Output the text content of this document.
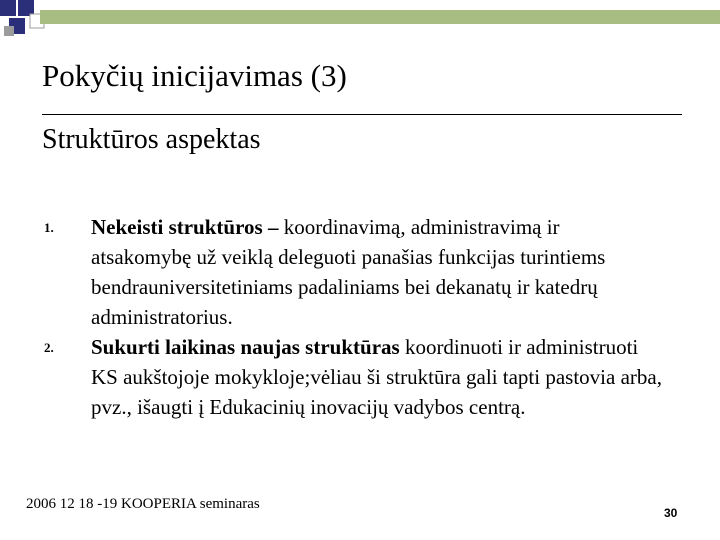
Pokyčių inicijavimas (3)
Struktūros aspektas
1. Nekeisti struktūros – koordinavimą, administravimą ir atsakomybę už veiklą deleguoti panašias funkcijas turintiems bendrauniversitetiniams padaliniams bei dekanatų ir katedrų administratorius.
2. Sukurti laikinas naujas struktūras koordinuoti ir administruoti KS aukštojoje mokykloje;vėliau ši struktūra gali tapti pastovia arba, pvz., išaugti į Edukacinių inovacijų vadybos centrą.
2006 12 18 -19 KOOPERIA seminaras
30
